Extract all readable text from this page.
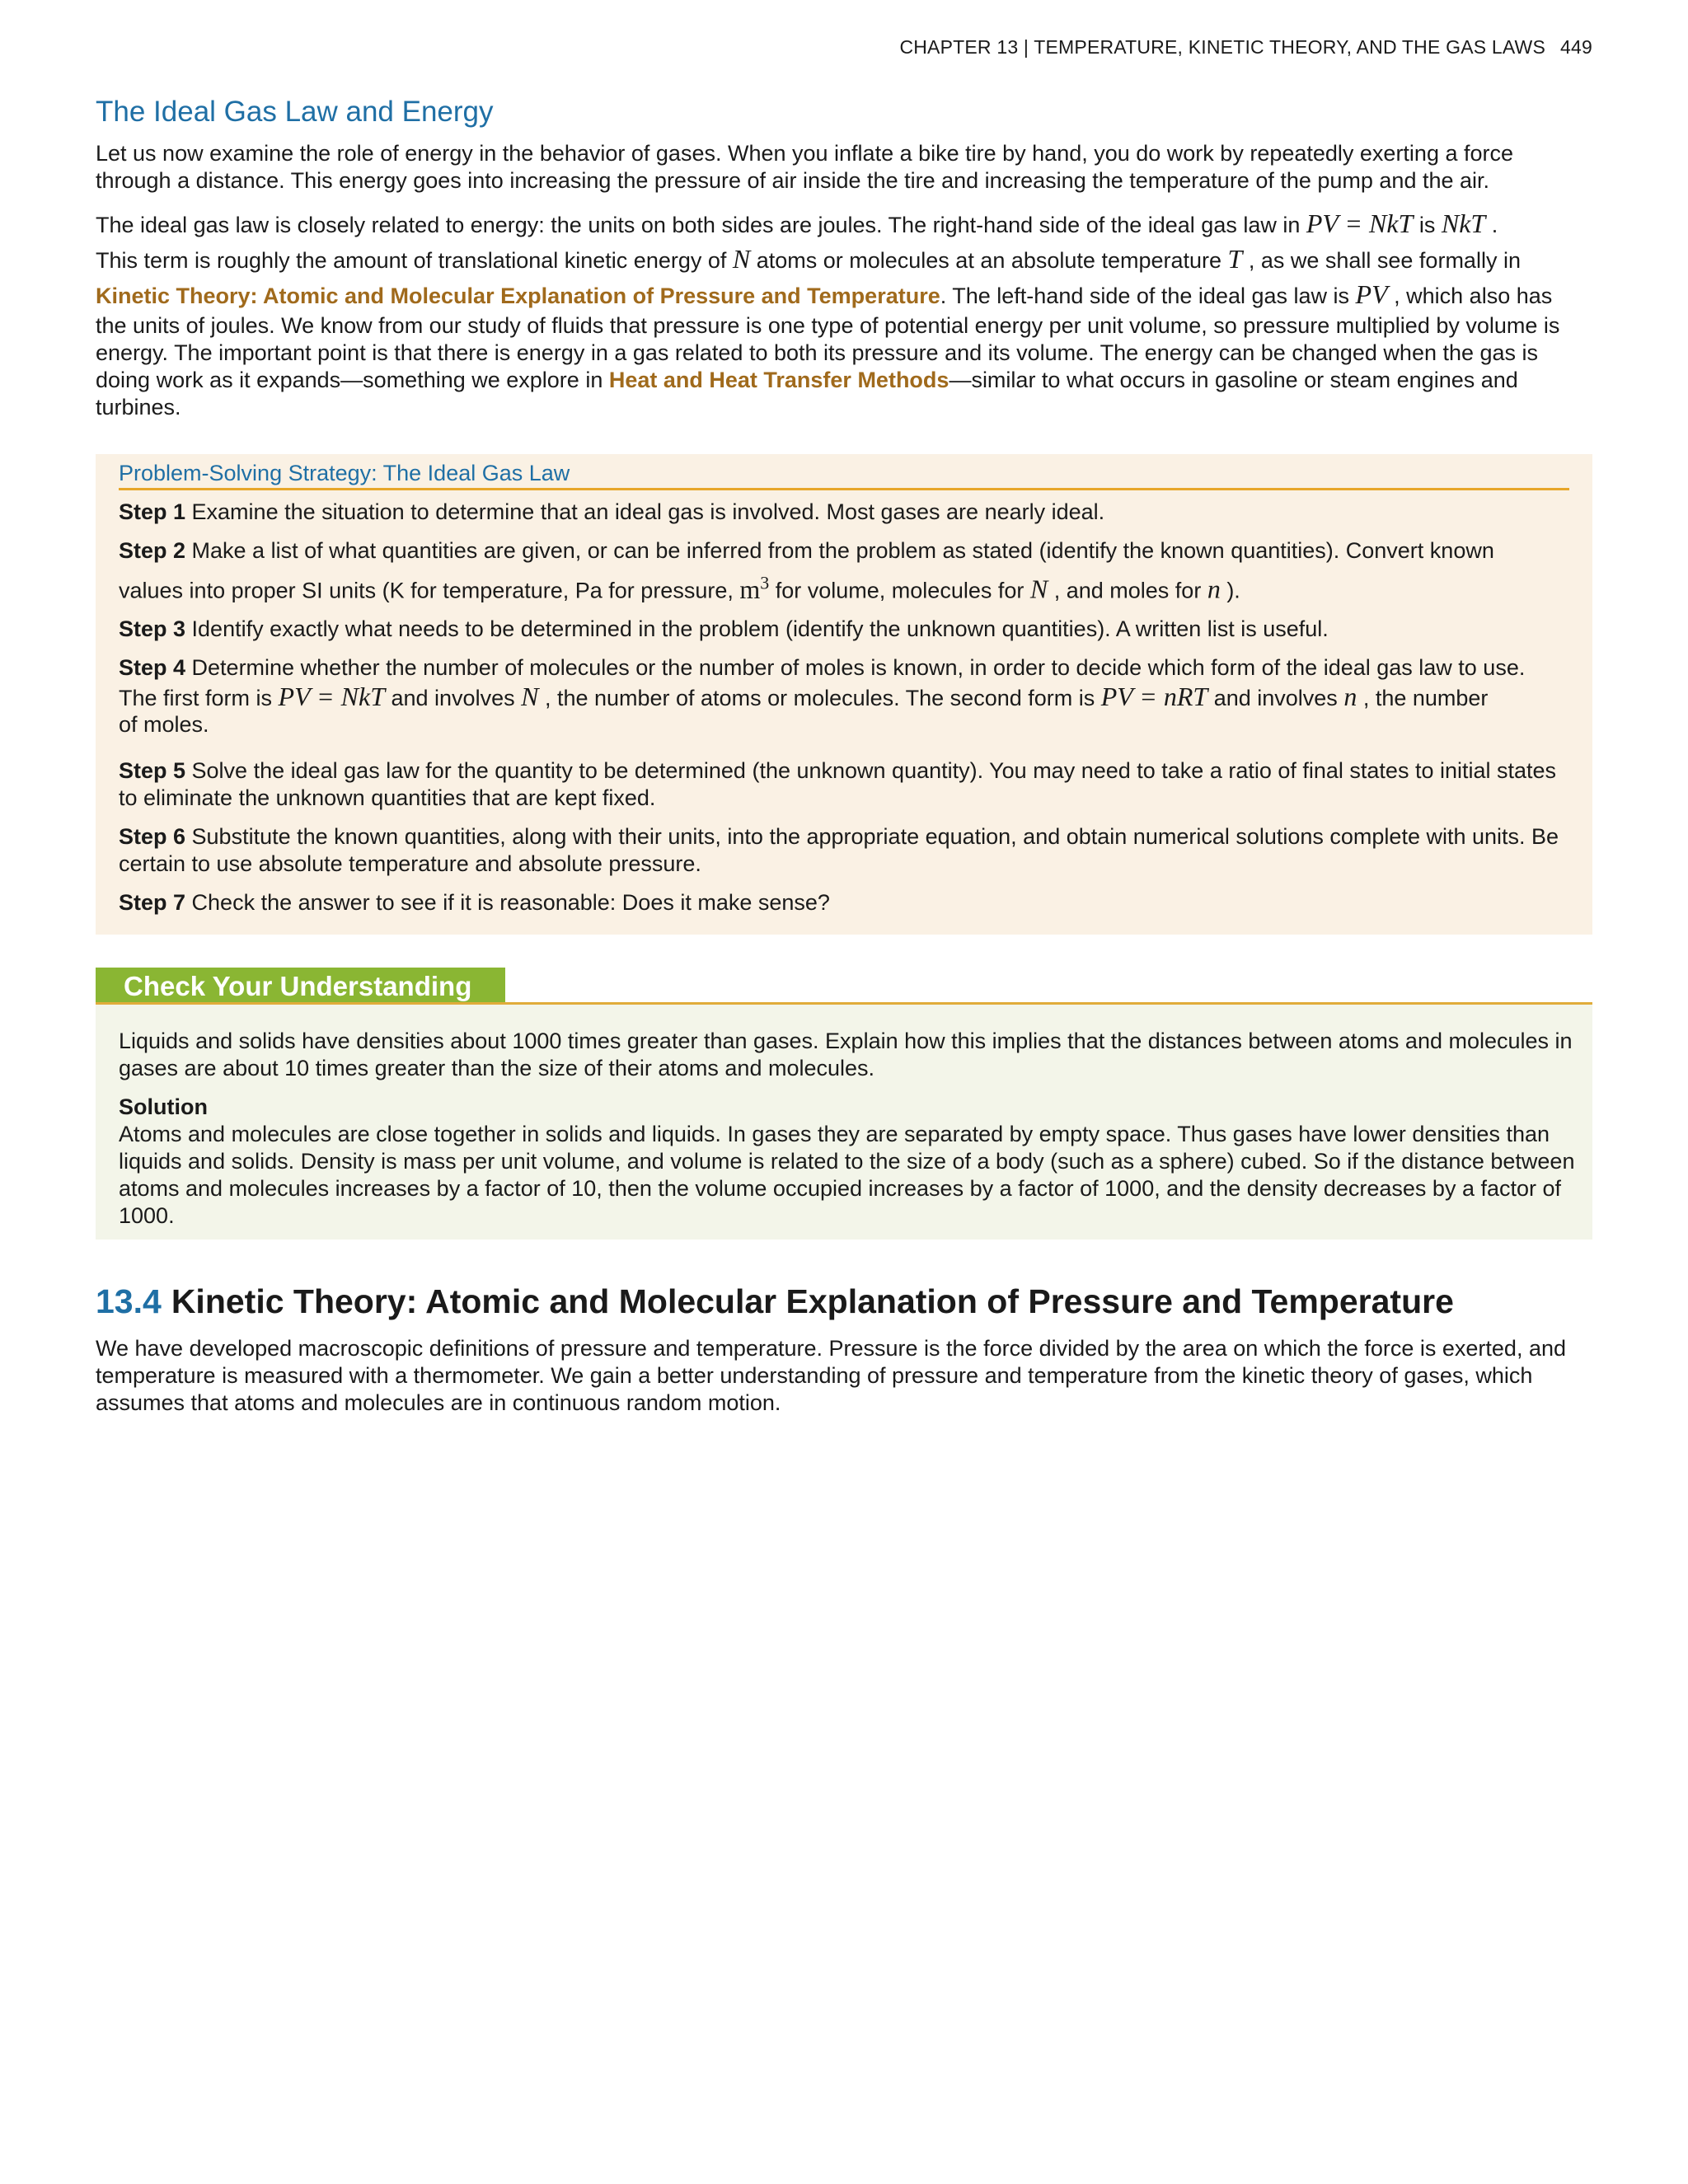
CHAPTER 13 | TEMPERATURE, KINETIC THEORY, AND THE GAS LAWS 449
The Ideal Gas Law and Energy

Let us now examine the role of energy in the behavior of gases. When you inflate a bike tire by hand, you do work by repeatedly exerting a force through a distance. This energy goes into increasing the pressure of air inside the tire and increasing the temperature of the pump and the air.

The ideal gas law is closely related to energy: the units on both sides are joules. The right-hand side of the ideal gas law in PV = NkT is NkT .
This term is roughly the amount of translational kinetic energy of N atoms or molecules at an absolute temperature T , as we shall see formally in
Kinetic Theory: Atomic and Molecular Explanation of Pressure and Temperature. The left-hand side of the ideal gas law is PV , which also has
the units of joules. We know from our study of fluids that pressure is one type of potential energy per unit volume, so pressure multiplied by volume is energy. The important point is that there is energy in a gas related to both its pressure and its volume. The energy can be changed when the gas is doing work as it expands—something we explore in Heat and Heat Transfer Methods—similar to what occurs in gasoline or steam engines and turbines.

Problem-Solving Strategy: The Ideal Gas Law

Step 1 Examine the situation to determine that an ideal gas is involved. Most gases are nearly ideal.

Step 2 Make a list of what quantities are given, or can be inferred from the problem as stated (identify the known quantities). Convert known
values into proper SI units (K for temperature, Pa for pressure, $m^3$ for volume, molecules for N , and moles for n ).

Step 3 Identify exactly what needs to be determined in the problem (identify the unknown quantities). A written list is useful.

Step 4 Determine whether the number of molecules or the number of moles is known, in order to decide which form of the ideal gas law to use.
The first form is PV = NkT and involves N , the number of atoms or molecules. The second form is PV = nRT and involves n , the number
of moles.

Step 5 Solve the ideal gas law for the quantity to be determined (the unknown quantity). You may need to take a ratio of final states to initial states to eliminate the unknown quantities that are kept fixed.

Step 6 Substitute the known quantities, along with their units, into the appropriate equation, and obtain numerical solutions complete with units. Be certain to use absolute temperature and absolute pressure.

Step 7 Check the answer to see if it is reasonable: Does it make sense?

Check Your Understanding

Liquids and solids have densities about 1000 times greater than gases. Explain how this implies that the distances between atoms and molecules in gases are about 10 times greater than the size of their atoms and molecules.

Solution
Atoms and molecules are close together in solids and liquids. In gases they are separated by empty space. Thus gases have lower densities than liquids and solids. Density is mass per unit volume, and volume is related to the size of a body (such as a sphere) cubed. So if the distance between atoms and molecules increases by a factor of 10, then the volume occupied increases by a factor of 1000, and the density decreases by a factor of 1000.

13.4 Kinetic Theory: Atomic and Molecular Explanation of Pressure and Temperature

We have developed macroscopic definitions of pressure and temperature. Pressure is the force divided by the area on which the force is exerted, and temperature is measured with a thermometer. We gain a better understanding of pressure and temperature from the kinetic theory of gases, which assumes that atoms and molecules are in continuous random motion.
